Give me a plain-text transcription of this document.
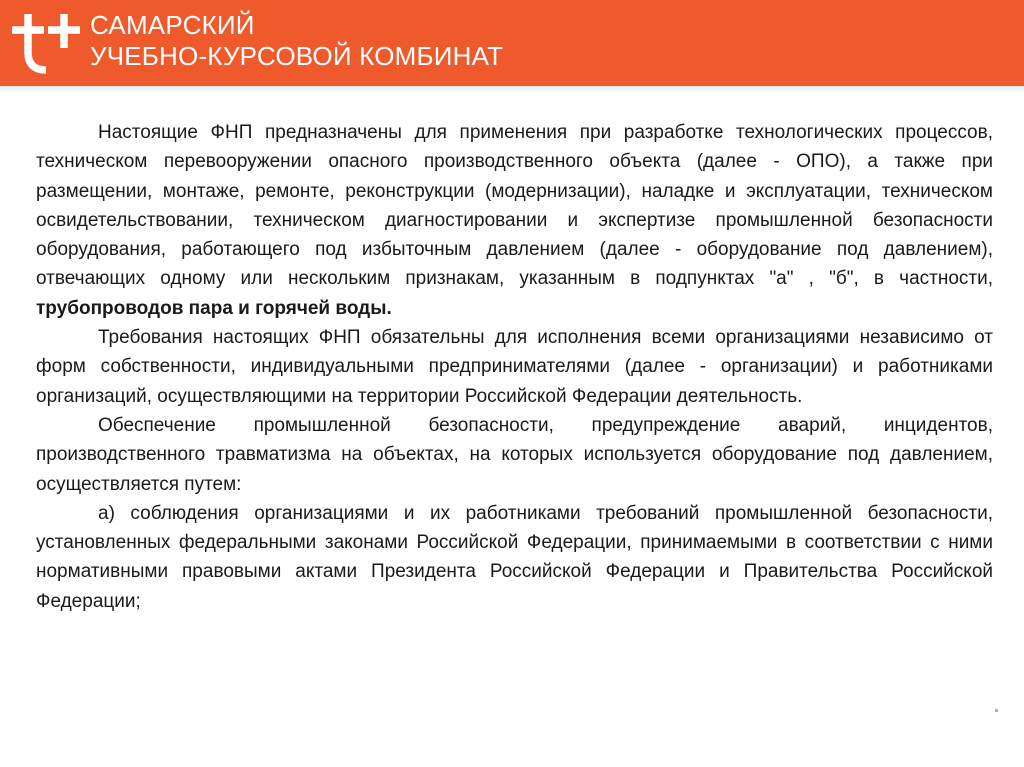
САМАРСКИЙ
УЧЕБНО-КУРСОВОЙ КОМБИНАТ

Настоящие ФНП предназначены для применения при разработке технологических процессов, техническом перевооружении опасного производственного объекта (далее - ОПО), а также при размещении, монтаже, ремонте, реконструкции (модернизации), наладке и эксплуатации, техническом освидетельствовании, техническом диагностировании и экспертизе промышленной безопасности оборудования, работающего под избыточным давлением (далее - оборудование под давлением), отвечающих одному или нескольким признакам, указанным в подпунктах "а" , "б", в частности, трубопроводов пара и горячей воды.

Требования настоящих ФНП обязательны для исполнения всеми организациями независимо от форм собственности, индивидуальными предпринимателями (далее - организации) и работниками организаций, осуществляющими на территории Российской Федерации деятельность.

Обеспечение промышленной безопасности, предупреждение аварий, инцидентов, производственного травматизма на объектах, на которых используется оборудование под давлением, осуществляется путем:

а) соблюдения организациями и их работниками требований промышленной безопасности, установленных федеральными законами Российской Федерации, принимаемыми в соответствии с ними нормативными правовыми актами Президента Российской Федерации и Правительства Российской Федерации;
